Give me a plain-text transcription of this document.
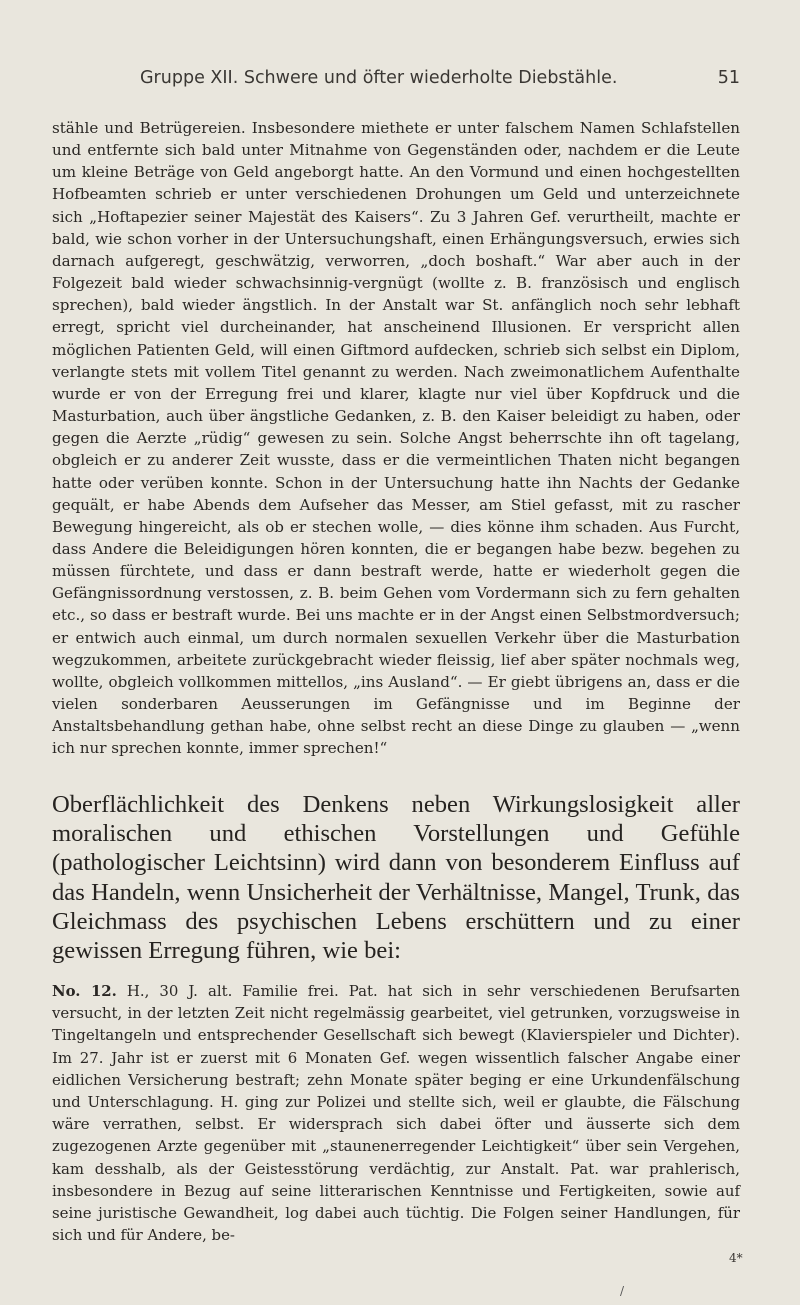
Gruppe XII. Schwere und öfter wiederholte Diebstähle.	51
stähle und Betrügereien. Insbesondere miethete er unter falschem Namen Schlafstellen und entfernte sich bald unter Mitnahme von Gegenständen oder, nachdem er die Leute um kleine Beträge von Geld angeborgt hatte. An den Vormund und einen hochgestellten Hofbeamten schrieb er unter verschiedenen Drohungen um Geld und unterzeichnete sich „Hoftapezier seiner Majestät des Kaisers“. Zu 3 Jahren Gef. verurtheilt, machte er bald, wie schon vorher in der Untersuchungshaft, einen Erhängungsversuch, erwies sich darnach aufgeregt, geschwätzig, verworren, „doch boshaft.“ War aber auch in der Folgezeit bald wieder schwachsinnig-vergnügt (wollte z. B. französisch und englisch sprechen), bald wieder ängstlich. In der Anstalt war St. anfänglich noch sehr lebhaft erregt, spricht viel durcheinander, hat anscheinend Illusionen. Er verspricht allen möglichen Patienten Geld, will einen Giftmord aufdecken, schrieb sich selbst ein Diplom, verlangte stets mit vollem Titel genannt zu werden. Nach zweimonatlichem Aufenthalte wurde er von der Erregung frei und klarer, klagte nur viel über Kopfdruck und die Masturbation, auch über ängstliche Gedanken, z. B. den Kaiser beleidigt zu haben, oder gegen die Aerzte „rüdig“ gewesen zu sein. Solche Angst beherrschte ihn oft tagelang, obgleich er zu anderer Zeit wusste, dass er die vermeintlichen Thaten nicht begangen hatte oder verüben konnte. Schon in der Untersuchung hatte ihn Nachts der Gedanke gequält, er habe Abends dem Aufseher das Messer, am Stiel gefasst, mit zu rascher Bewegung hingereicht, als ob er stechen wolle, — dies könne ihm schaden. Aus Furcht, dass Andere die Beleidigungen hören konnten, die er begangen habe bezw. begehen zu müssen fürchtete, und dass er dann bestraft werde, hatte er wiederholt gegen die Gefängnissordnung verstossen, z. B. beim Gehen vom Vordermann sich zu fern gehalten etc., so dass er bestraft wurde. Bei uns machte er in der Angst einen Selbstmordversuch; er entwich auch einmal, um durch normalen sexuellen Verkehr über die Masturbation wegzukommen, arbeitete zurückgebracht wieder fleissig, lief aber später nochmals weg, wollte, obgleich vollkommen mittellos, „ins Ausland“. — Er giebt übrigens an, dass er die vielen sonderbaren Aeusserungen im Gefängnisse und im Beginne der Anstaltsbehandlung gethan habe, ohne selbst recht an diese Dinge zu glauben — „wenn ich nur sprechen konnte, immer sprechen!“
Oberflächlichkeit des Denkens neben Wirkungslosigkeit aller moralischen und ethischen Vorstellungen und Gefühle (pathologischer Leichtsinn) wird dann von besonderem Einfluss auf das Handeln, wenn Unsicherheit der Verhältnisse, Mangel, Trunk, das Gleichmass des psychischen Lebens erschüttern und zu einer gewissen Erregung führen, wie bei:
No. 12. H., 30 J. alt. Familie frei. Pat. hat sich in sehr verschiedenen Berufsarten versucht, in der letzten Zeit nicht regelmässig gearbeitet, viel getrunken, vorzugsweise in Tingeltangeln und entsprechender Gesellschaft sich bewegt (Klavierspieler und Dichter). Im 27. Jahr ist er zuerst mit 6 Monaten Gef. wegen wissentlich falscher Angabe einer eidlichen Versicherung bestraft; zehn Monate später beging er eine Urkundenfälschung und Unterschlagung. H. ging zur Polizei und stellte sich, weil er glaubte, die Fälschung wäre verrathen, selbst. Er widersprach sich dabei öfter und äusserte sich dem zugezogenen Arzte gegenüber mit „staunenerregender Leichtigkeit“ über sein Vergehen, kam desshalb, als der Geistesstörung verdächtig, zur Anstalt. Pat. war prahlerisch, insbesondere in Bezug auf seine litterarischen Kenntnisse und Fertigkeiten, sowie auf seine juristische Gewandheit, log dabei auch tüchtig. Die Folgen seiner Handlungen, für sich und für Andere, be-
4*
/
